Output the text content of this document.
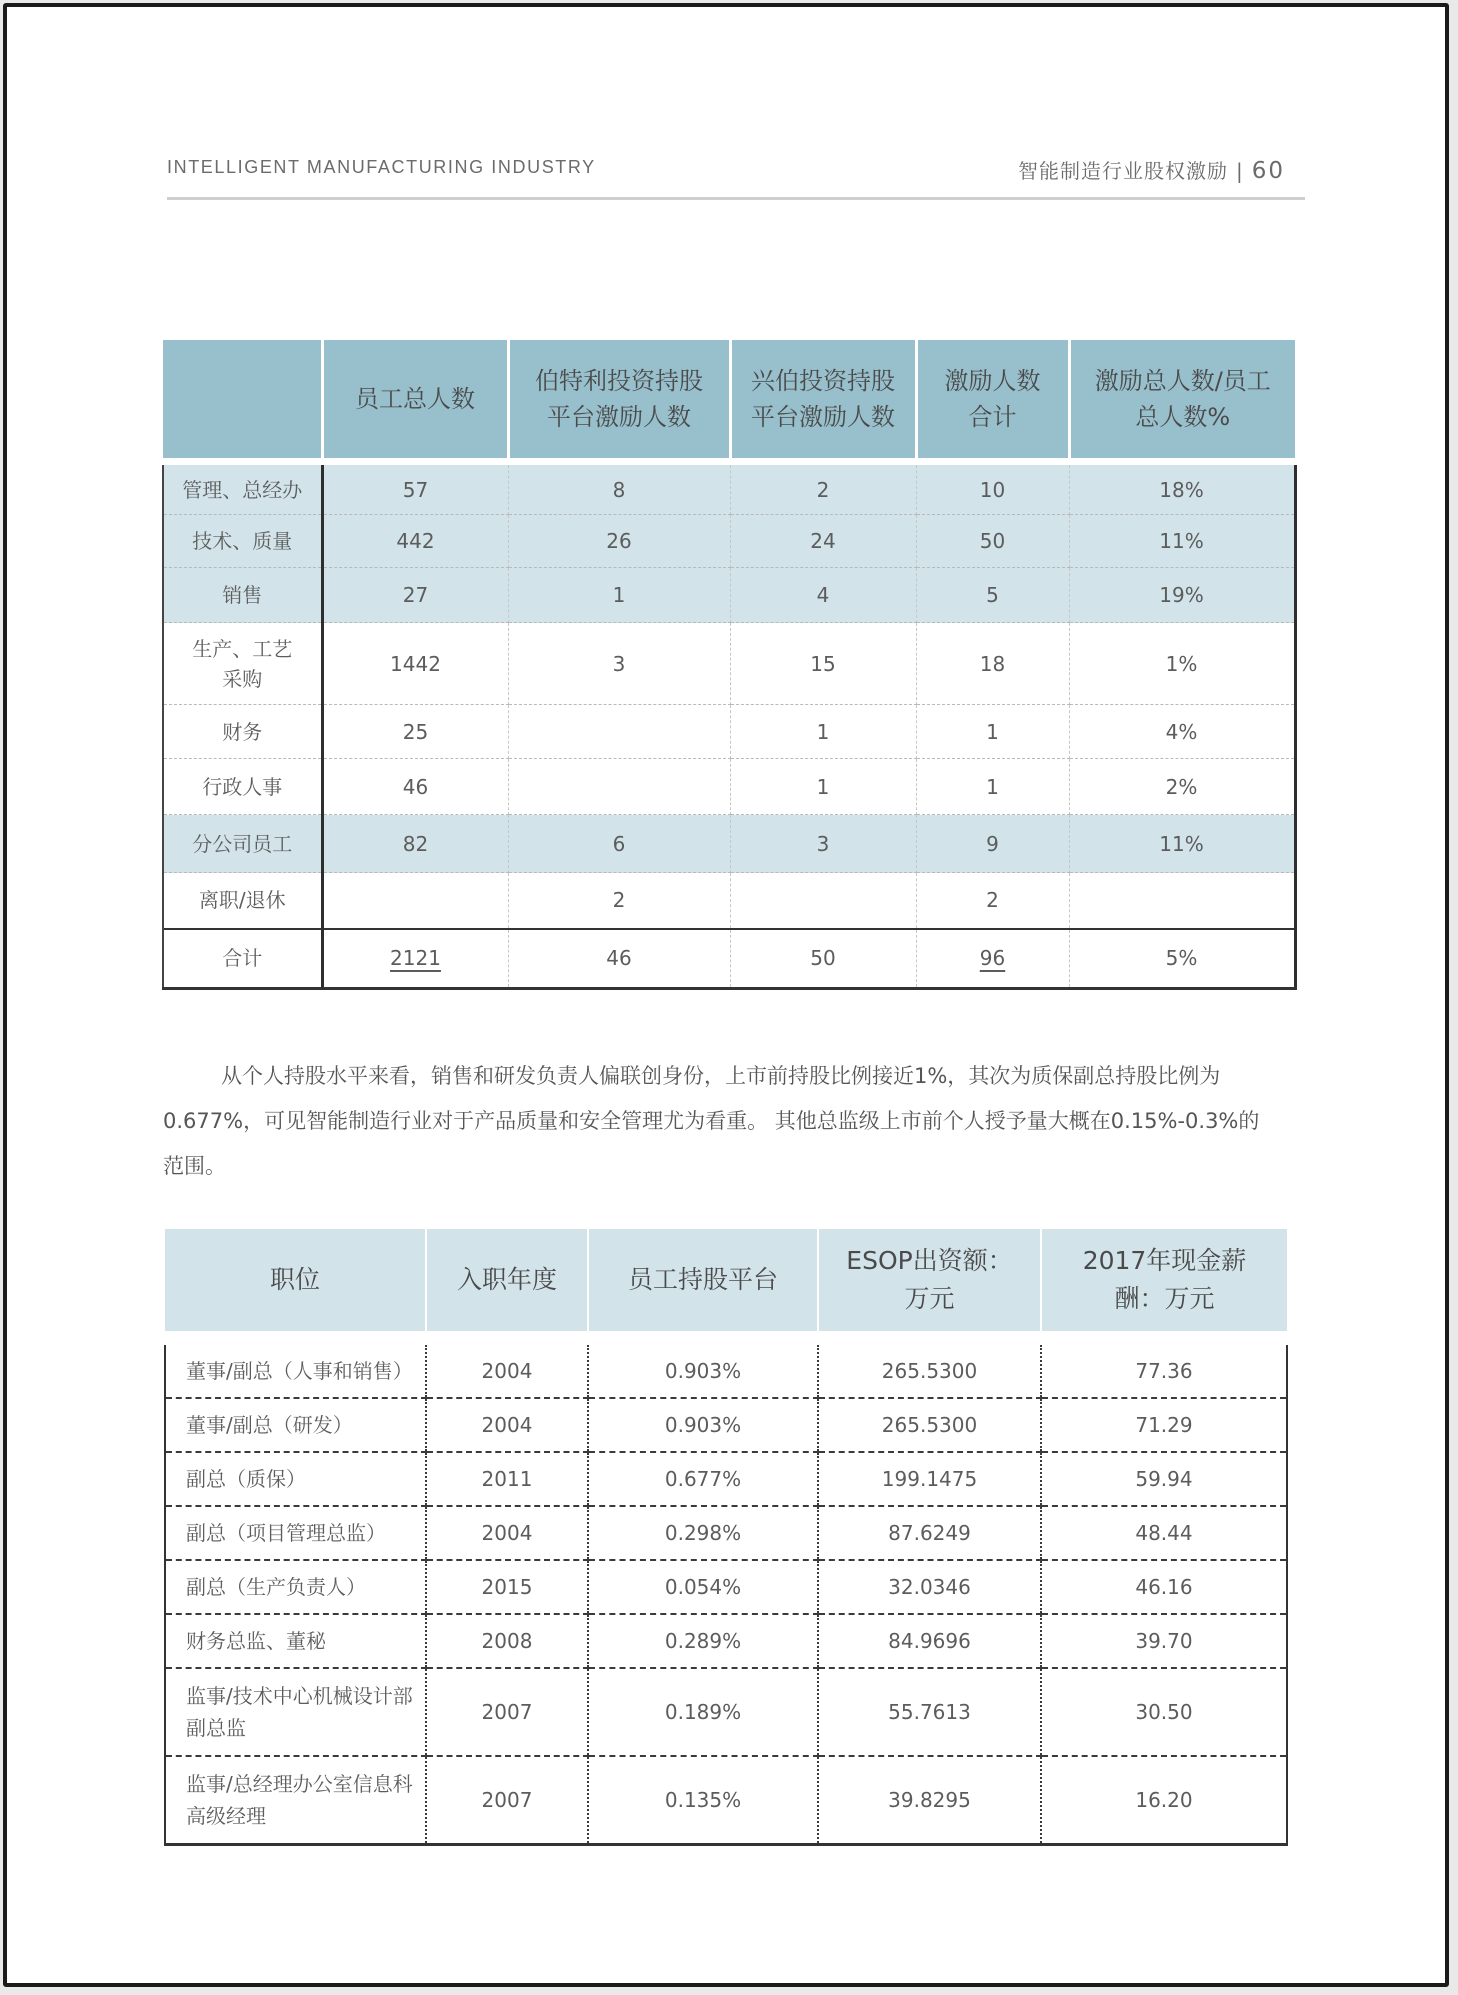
INTELLIGENT MANUFACTURING INDUSTRY	智能制造行业股权激励 | 60
	员工总人数	伯特利投资持股平台激励人数	兴伯投资持股平台激励人数	激励人数合计	激励总人数/员工总人数%
管理、总经办	57	8	2	10	18%
技术、质量	442	26	24	50	11%
销售	27	1	4	5	19%
生产、工艺采购	1442	3	15	18	1%
财务	25		1	1	4%
行政人事	46		1	1	2%
分公司员工	82	6	3	9	11%
离职/退休		2		2	
合计	2121	46	50	96	5%

从个人持股水平来看，销售和研发负责人偏联创身份，上市前持股比例接近1%，其次为质保副总持股比例为0.677%，可见智能制造行业对于产品质量和安全管理尤为看重。 其他总监级上市前个人授予量大概在0.15%-0.3%的范围。

职位	入职年度	员工持股平台	ESOP出资额：万元	2017年现金薪酬：万元

董事/副总（人事和销售）	2004	0.903%	265.5300	77.36
董事/副总（研发）	2004	0.903%	265.5300	71.29
副总（质保）	2011	0.677%	199.1475	59.94
副总（项目管理总监）	2004	0.298%	87.6249	48.44
副总（生产负责人）	2015	0.054%	32.0346	46.16
财务总监、董秘	2008	0.289%	84.9696	39.70
监事/技术中心机械设计部副总监	2007	0.189%	55.7613	30.50
监事/总经理办公室信息科高级经理	2007	0.135%	39.8295	16.20
